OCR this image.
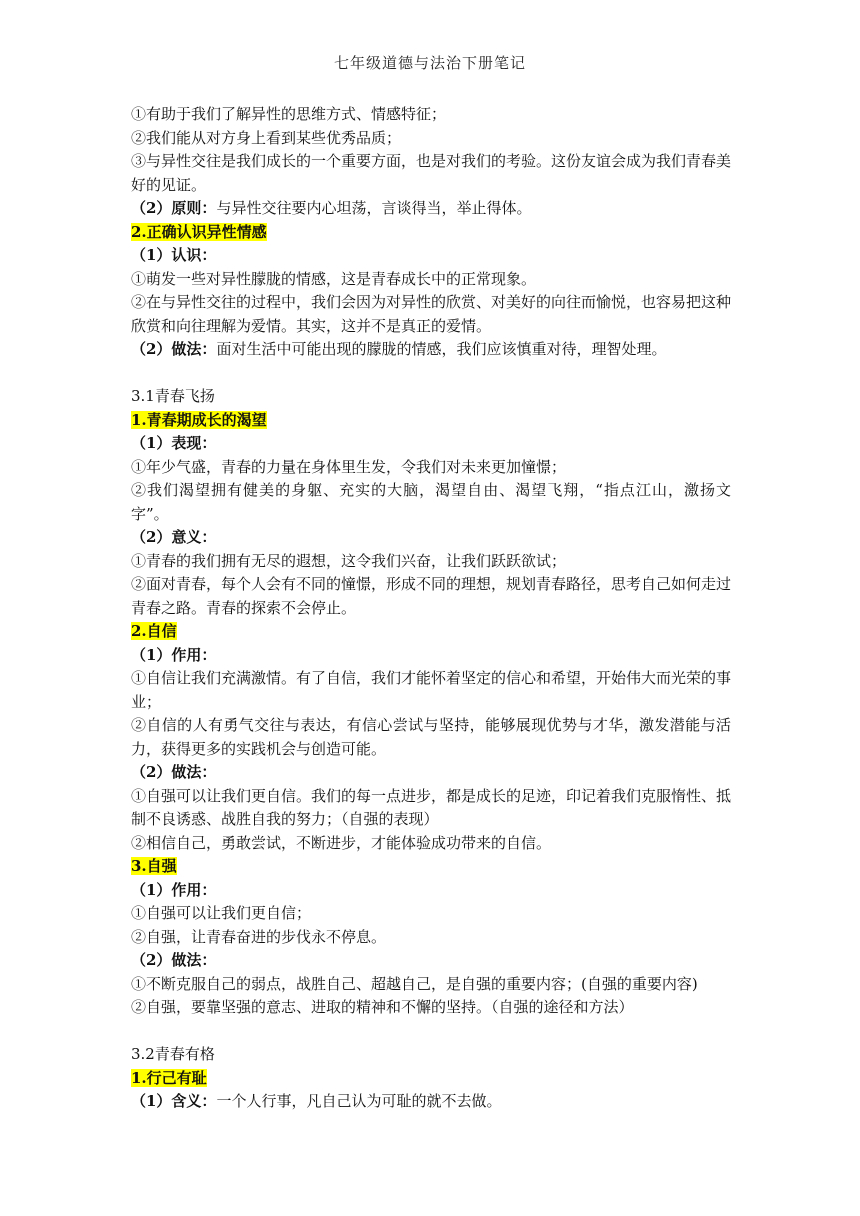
七年级道德与法治下册笔记

①有助于我们了解异性的思维方式、情感特征；

②我们能从对方身上看到某些优秀品质；

③与异性交往是我们成长的一个重要方面，也是对我们的考验。这份友谊会成为我们青春美好的见证。

（2）原则：与异性交往要内心坦荡，言谈得当，举止得体。

2.正确认识异性情感

（1）认识：

①萌发一些对异性朦胧的情感，这是青春成长中的正常现象。

②在与异性交往的过程中，我们会因为对异性的欣赏、对美好的向往而愉悦，也容易把这种欣赏和向往理解为爱情。其实，这并不是真正的爱情。

（2）做法：面对生活中可能出现的朦胧的情感，我们应该慎重对待，理智处理。

3.1青春飞扬

1.青春期成长的渴望

（1）表现：

①年少气盛，青春的力量在身体里生发，令我们对未来更加憧憬；

②我们渴望拥有健美的身躯、充实的大脑，渴望自由、渴望飞翔，“指点江山，激扬文字”。

（2）意义：

①青春的我们拥有无尽的遐想，这令我们兴奋，让我们跃跃欲试；

②面对青春，每个人会有不同的憧憬，形成不同的理想，规划青春路径，思考自己如何走过青春之路。青春的探索不会停止。

2.自信

（1）作用：

①自信让我们充满激情。有了自信，我们才能怀着坚定的信心和希望，开始伟大而光荣的事业；

②自信的人有勇气交往与表达，有信心尝试与坚持，能够展现优势与才华，激发潜能与活力，获得更多的实践机会与创造可能。

（2）做法：

①自强可以让我们更自信。我们的每一点进步，都是成长的足迹，印记着我们克服惰性、抵制不良诱惑、战胜自我的努力；（自强的表现）

②相信自己，勇敢尝试，不断进步，才能体验成功带来的自信。

3.自强

（1）作用：

①自强可以让我们更自信；

②自强，让青春奋进的步伐永不停息。

（2）做法：

①不断克服自己的弱点，战胜自己、超越自己，是自强的重要内容；(自强的重要内容)

②自强，要靠坚强的意志、进取的精神和不懈的坚持。（自强的途径和方法）

3.2青春有格

1.行己有耻

（1）含义：一个人行事，凡自己认为可耻的就不去做。
